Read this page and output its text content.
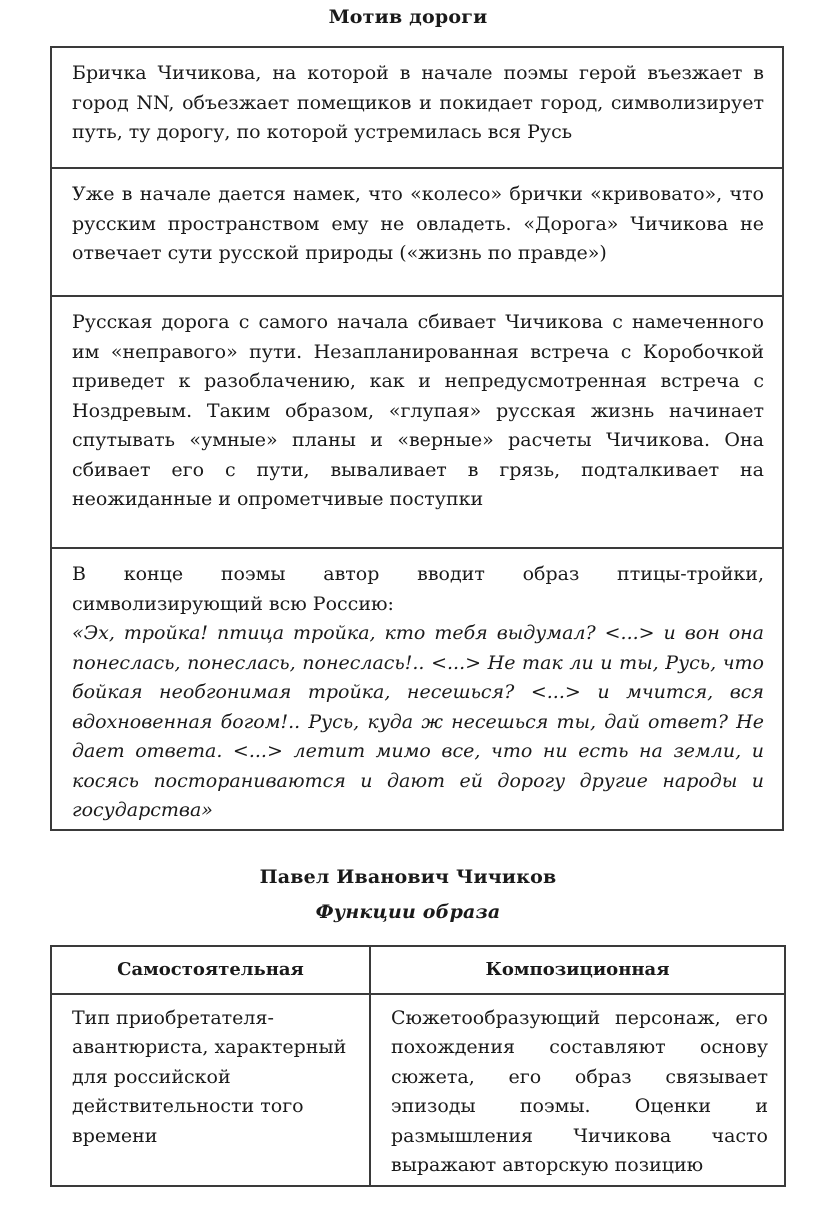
Мотив дороги
Бричка Чичикова, на которой в начале поэмы герой въезжает в город NN, объезжает помещиков и покидает город, символизирует путь, ту дорогу, по которой устремилась вся Русь
Уже в начале дается намек, что «колесо» брички «кривовато», что русским пространством ему не овладеть. «Дорога» Чичикова не отвечает сути русской природы («жизнь по правде»)
Русская дорога с самого начала сбивает Чичикова с намеченного им «неправого» пути. Незапланированная встреча с Коробочкой приведет к разоблачению, как и непредусмотренная встреча с Ноздревым. Таким образом, «глупая» русская жизнь начинает спутывать «умные» планы и «верные» расчеты Чичикова. Она сбивает его с пути, вываливает в грязь, подталкивает на неожиданные и опрометчивые поступки

В конце поэмы автор вводит образ птицы-тройки, символизирующий всю Россию:
«Эх, тройка! птица тройка, кто тебя выдумал? <...> и вон она понеслась, понеслась, понеслась!.. <...> Не так ли и ты, Русь, что бойкая необгонимая тройка, несешься? <...> и мчится, вся вдохновенная богом!.. Русь, куда ж несешься ты, дай ответ? Не дает ответа. <...> летит мимо все, что ни есть на земли, и косясь постораниваются и дают ей дорогу другие народы и государства»
Павел Иванович Чичиков
Функции образа
Самостоятельная	Композиционная
Тип приобретателя-авантюриста, характерный для российской действительности того времени	Сюжетообразующий персонаж, его похождения составляют основу сюжета, его образ связывает эпизоды поэмы. Оценки и размышления Чичикова часто выражают авторскую позицию
